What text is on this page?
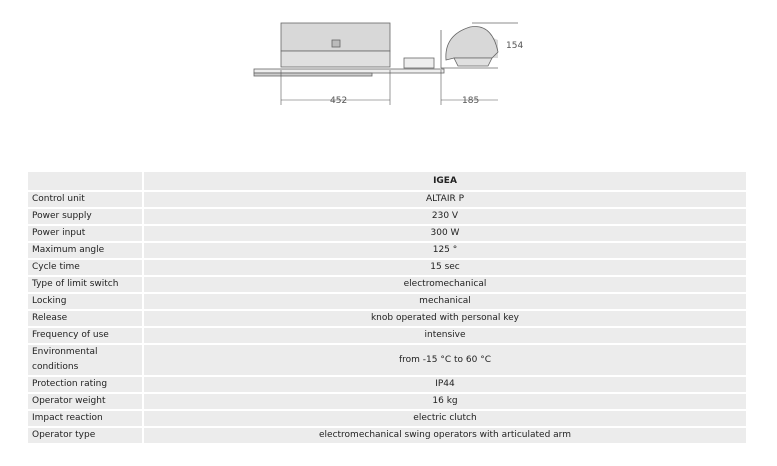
452	185
154
	IGEA
Control unit	ALTAIR P
Power supply	230 V
Power input	300 W
Maximum angle	125 °
Cycle time	15 sec
Type of limit switch	electromechanical
Locking	mechanical
Release	knob operated with personal key
Frequency of use	intensive
Environmental conditions	from -15 °C to 60 °C
Protection rating	IP44
Operator weight	16 kg
Impact reaction	electric clutch
Operator type	electromechanical swing operators with articulated arm
